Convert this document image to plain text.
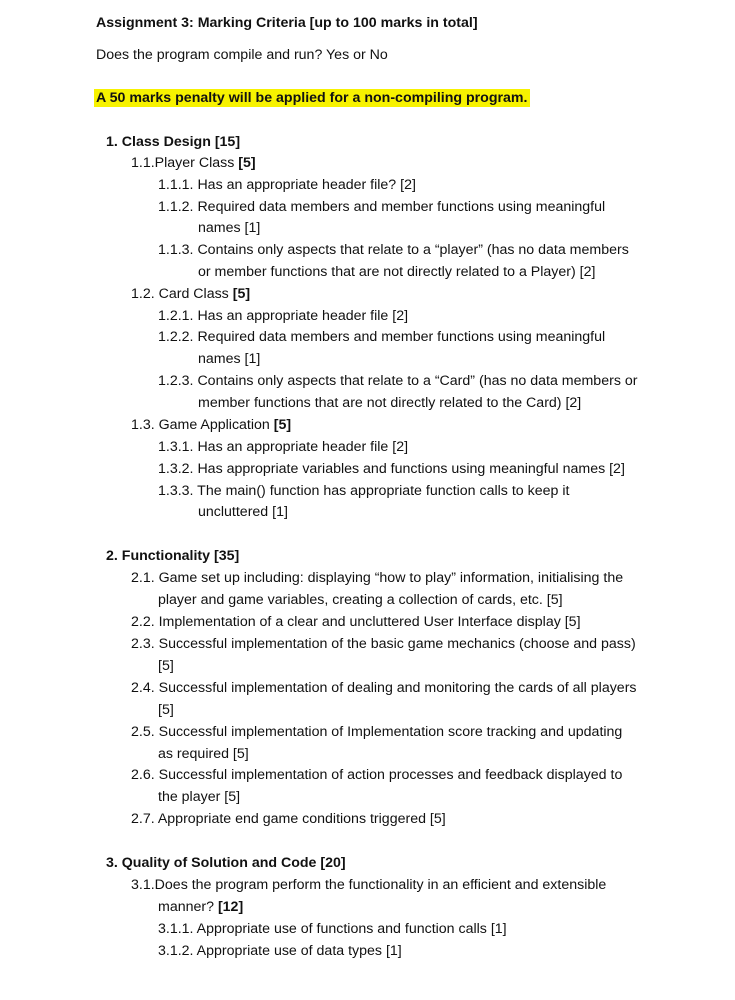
Assignment 3: Marking Criteria [up to 100 marks in total]
Does the program compile and run? Yes or No
A 50 marks penalty will be applied for a non-compiling program.
1. Class Design [15]
1.1.Player Class [5]
1.1.1. Has an appropriate header file? [2]
1.1.2. Required data members and member functions using meaningful
names [1]
1.1.3. Contains only aspects that relate to a “player” (has no data members
or member functions that are not directly related to a Player) [2]
1.2. Card Class [5]
1.2.1. Has an appropriate header file [2]
1.2.2. Required data members and member functions using meaningful
names [1]
1.2.3. Contains only aspects that relate to a “Card” (has no data members or
member functions that are not directly related to the Card) [2]
1.3. Game Application [5]
1.3.1. Has an appropriate header file [2]
1.3.2. Has appropriate variables and functions using meaningful names [2]
1.3.3. The main() function has appropriate function calls to keep it
uncluttered [1]
2. Functionality [35]
2.1. Game set up including: displaying “how to play” information, initialising the
player and game variables, creating a collection of cards, etc. [5]
2.2. Implementation of a clear and uncluttered User Interface display [5]
2.3. Successful implementation of the basic game mechanics (choose and pass)
[5]
2.4. Successful implementation of dealing and monitoring the cards of all players
[5]
2.5. Successful implementation of Implementation score tracking and updating
as required [5]
2.6. Successful implementation of action processes and feedback displayed to
the player [5]
2.7. Appropriate end game conditions triggered [5]
3. Quality of Solution and Code [20]
3.1.Does the program perform the functionality in an efficient and extensible
manner? [12]
3.1.1. Appropriate use of functions and function calls [1]
3.1.2. Appropriate use of data types [1]
